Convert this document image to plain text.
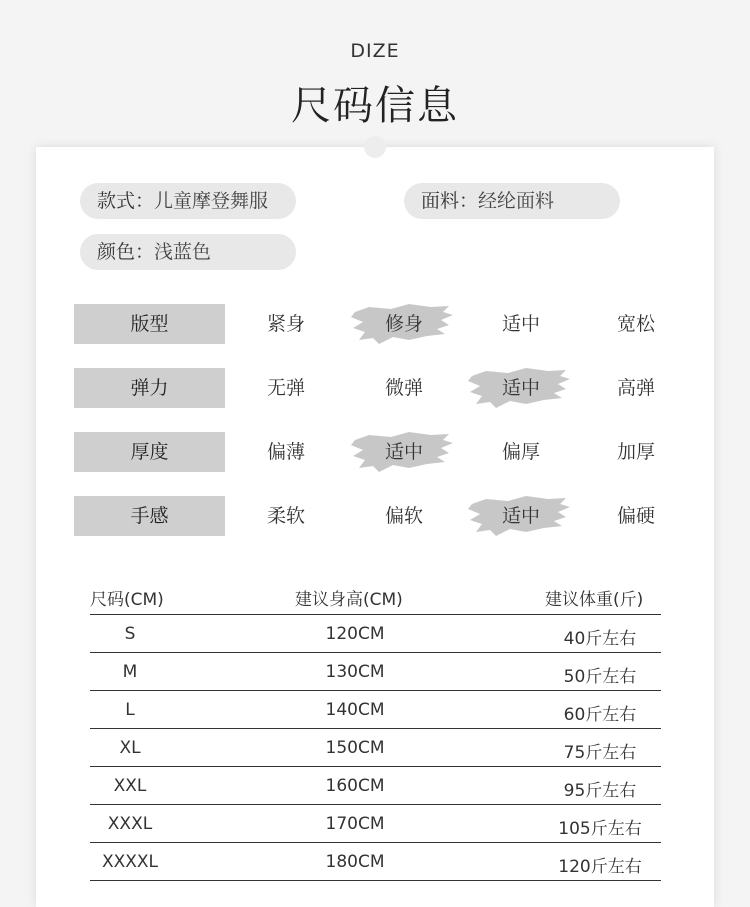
DIZE
尺码信息
款式：儿童摩登舞服	面料：经纶面料
颜色：浅蓝色
版型	紧身	修身	适中	宽松
弹力	无弹	微弹	适中	高弹
厚度	偏薄	适中	偏厚	加厚
手感	柔软	偏软	适中	偏硬
尺码(CM)	建议身高(CM)	建议体重(斤)
S	120CM	40斤左右
M	130CM	50斤左右
L	140CM	60斤左右
XL	150CM	75斤左右
XXL	160CM	95斤左右
XXXL	170CM	105斤左右
XXXXL	180CM	120斤左右
